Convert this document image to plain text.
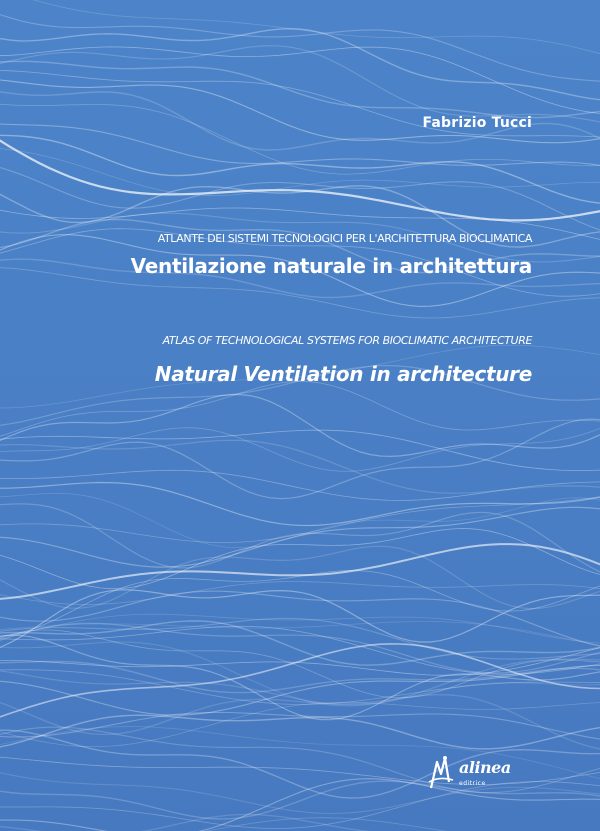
Fabrizio Tucci
ATLANTE DEI SISTEMI TECNOLOGICI PER L'ARCHITETTURA BIOCLIMATICA
Ventilazione naturale in architettura
ATLAS OF TECHNOLOGICAL SYSTEMS FOR BIOCLIMATIC ARCHITECTURE
Natural Ventilation in architecture
alinea
editrice
